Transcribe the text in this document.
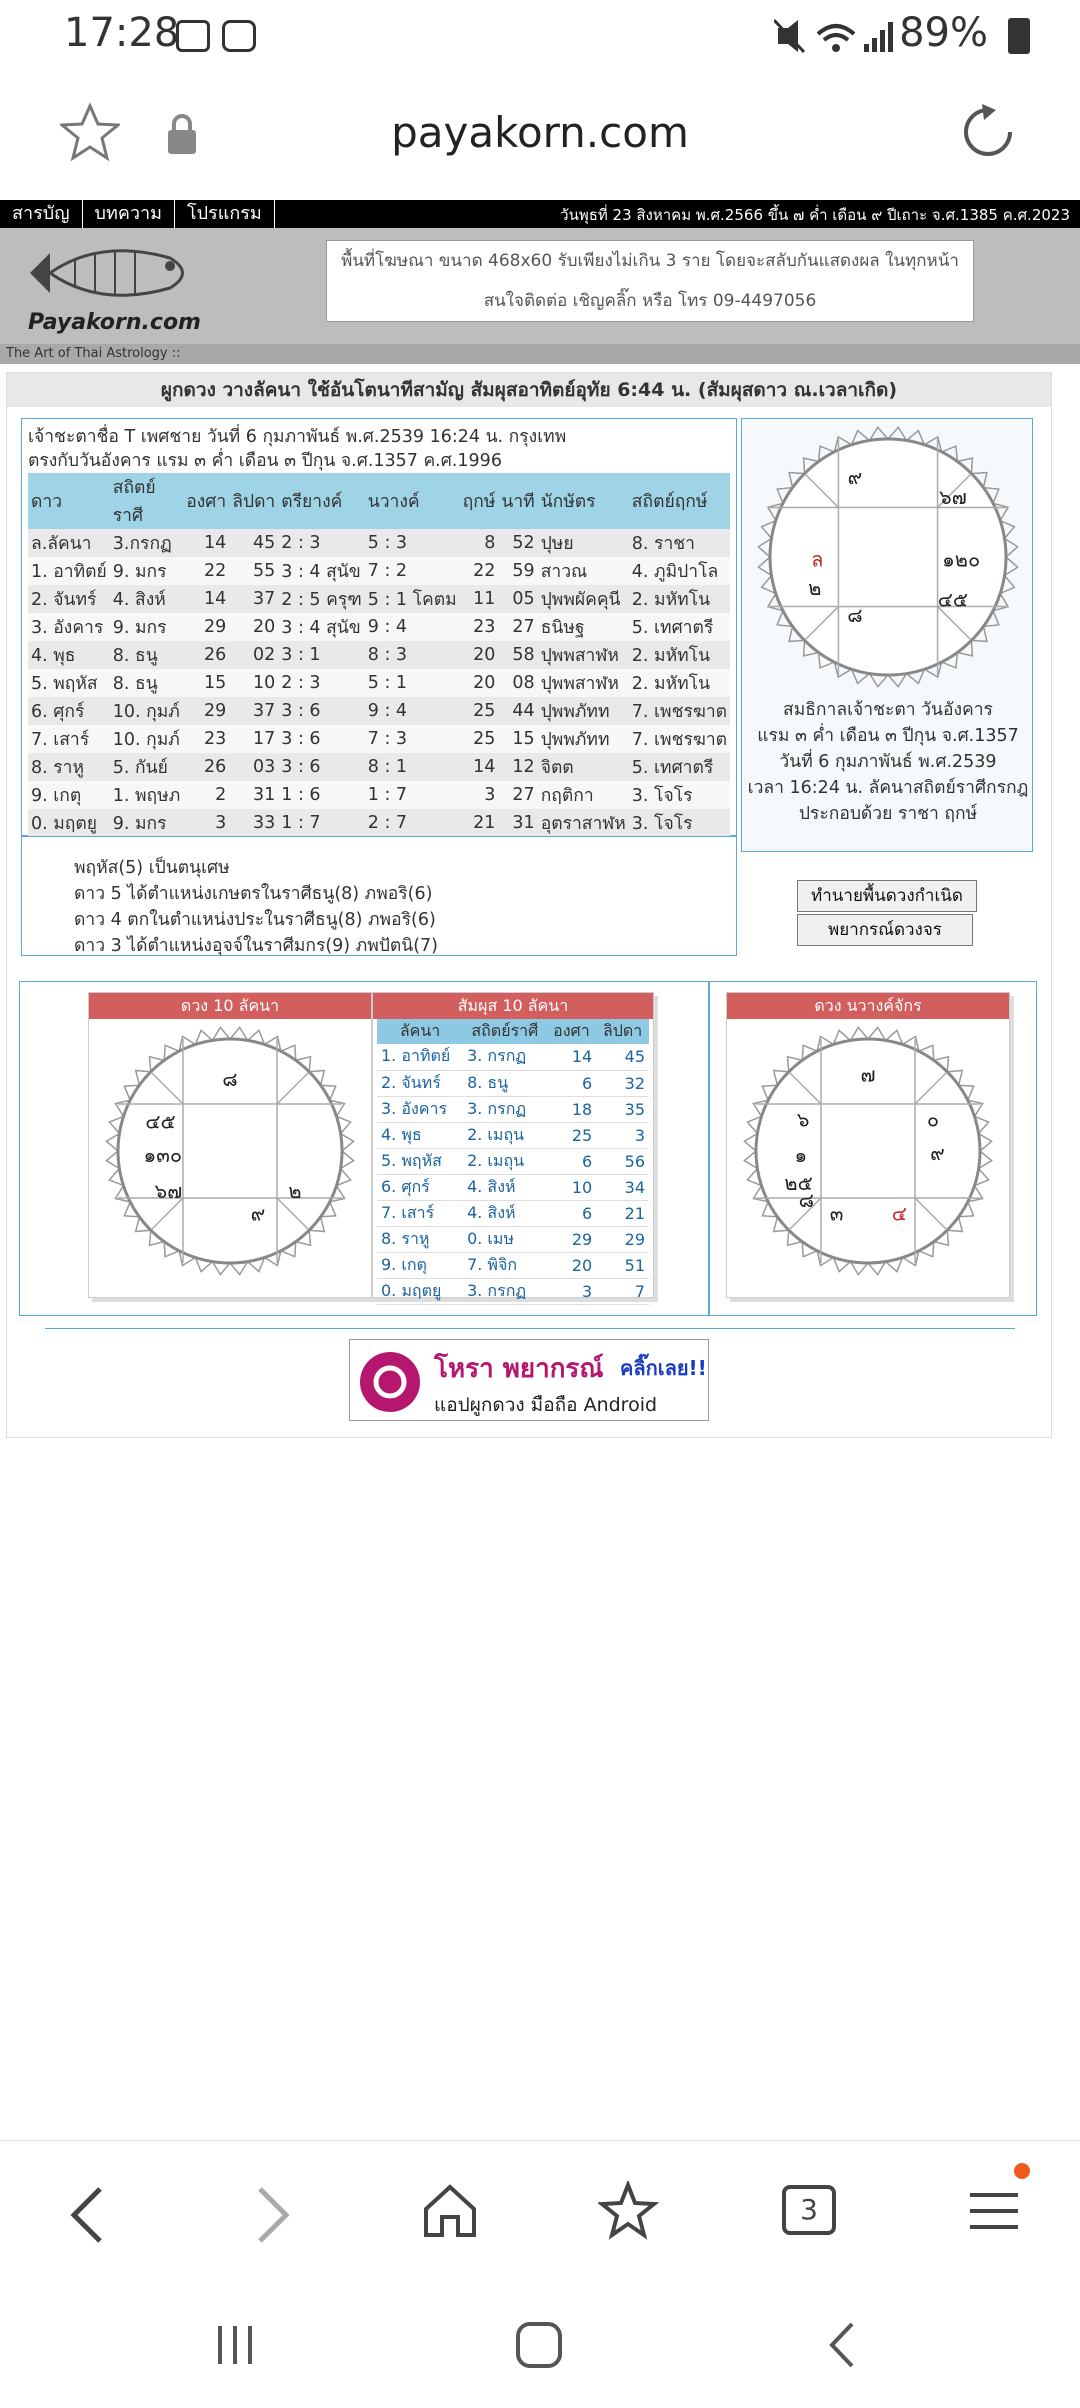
17:28	89%
payakorn.com
สารบัญ บทความ โปรแกรม	วันพุธที่ 23 สิงหาคม พ.ศ.2566 ขึ้น ๗ ค่ำ เดือน ๙ ปีเถาะ จ.ศ.1385 ค.ศ.2023
Payakorn.com
พื้นที่โฆษณา ขนาด 468x60 รับเพียงไม่เกิน 3 ราย โดยจะสลับกันแสดงผล ในทุกหน้า
สนใจติดต่อ เชิญคลิ๊ก หรือ โทร 09-4497056
The Art of Thai Astrology ::
ผูกดวง วางลัคนา ใช้อันโตนาทีสามัญ สัมผุสอาทิตย์อุทัย 6:44 น. (สัมผุสดาว ณ.เวลาเกิด)
เจ้าชะตาชื่อ T เพศชาย วันที่ 6 กุมภาพันธ์ พ.ศ.2539 16:24 น. กรุงเทพ
ตรงกับวันอังคาร แรม ๓ ค่ำ เดือน ๓ ปีกุน จ.ศ.1357 ค.ศ.1996
ดาว	สถิตย์ราศี	องศา	ลิปดา	ตรียางค์	นวางค์	ฤกษ์	นาที	นักษัตร	สถิตย์ฤกษ์
ล.ลัคนา	3.กรกฏ	14	45	2 : 3	5 : 3	8	52	ปุษย	8. ราชา
1. อาทิตย์	9. มกร	22	55	3 : 4 สุนัข	7 : 2	22	59	สาวณ	4. ภูมิปาโล
2. จันทร์	4. สิงห์	14	37	2 : 5 ครุฑ	5 : 1 โคตม	11	05	ปุพพผัคคุนี	2. มหัทโน
3. อังคาร	9. มกร	29	20	3 : 4 สุนัข	9 : 4	23	27	ธนิษฐ	5. เทศาตรี
4. พุธ	8. ธนู	26	02	3 : 1	8 : 3	20	58	ปุพพสาฬห	2. มหัทโน
5. พฤหัส	8. ธนู	15	10	2 : 3	5 : 1	20	08	ปุพพสาฬห	2. มหัทโน
6. ศุกร์	10. กุมภ์	29	37	3 : 6	9 : 4	25	44	ปุพพภัทท	7. เพชรฆาต
7. เสาร์	10. กุมภ์	23	17	3 : 6	7 : 3	25	15	ปุพพภัทท	7. เพชรฆาต
8. ราหู	5. กันย์	26	03	3 : 6	8 : 1	14	12	จิตต	5. เทศาตรี
9. เกตุ	1. พฤษภ	2	31	1 : 6	1 : 7	3	27	กฤติกา	3. โจโร
0. มฤตยู	9. มกร	3	33	1 : 7	2 : 7	21	31	อุตราสาฬห	3. โจโร
พฤหัส(5) เป็นตนุเศษ
ดาว 5 ได้ตำแหน่งเกษตรในราศีธนู(8) ภพอริ(6)
ดาว 4 ตกในตำแหน่งประในราศีธนู(8) ภพอริ(6)
ดาว 3 ได้ตำแหน่งอุจจ์ในราศีมกร(9) ภพปัตนิ(7)
๙
๖๗
๑๒๐
๔๕
๘
๒
ล
สมธิกาลเจ้าชะตา วันอังคาร
แรม ๓ ค่ำ เดือน ๓ ปีกุน จ.ศ.1357
วันที่ 6 กุมภาพันธ์ พ.ศ.2539
เวลา 16:24 น. ลัคนาสถิตย์ราศีกรกฎ
ประกอบด้วย ราชา ฤกษ์
ทำนายพื้นดวงกำเนิด
พยากรณ์ดวงจร
ดวง 10 ลัคนา
๘
๔๕
๑๓๐
๖๗	๒
๙
สัมผุส 10 ลัคนา
ลัคนา	สถิตย์ราศี	องศา	ลิปดา
1. อาทิตย์	3. กรกฏ	14	45
2. จันทร์	8. ธนู	6	32
3. อังคาร	3. กรกฏ	18	35
4. พุธ	2. เมถุน	25	3
5. พฤหัส	2. เมถุน	6	56
6. ศุกร์	4. สิงห์	10	34
7. เสาร์	4. สิงห์	6	21
8. ราหู	0. เมษ	29	29
9. เกตุ	7. พิจิก	20	51
0. มฤตยู	3. กรกฏ	3	7
ดวง นวางค์จักร
๗
๖	๐
๑	๙
๒๕
๘
๓ ๔
โหรา พยากรณ์ คลิ๊กเลย!!
แอปผูกดวง มือถือ Android
3
